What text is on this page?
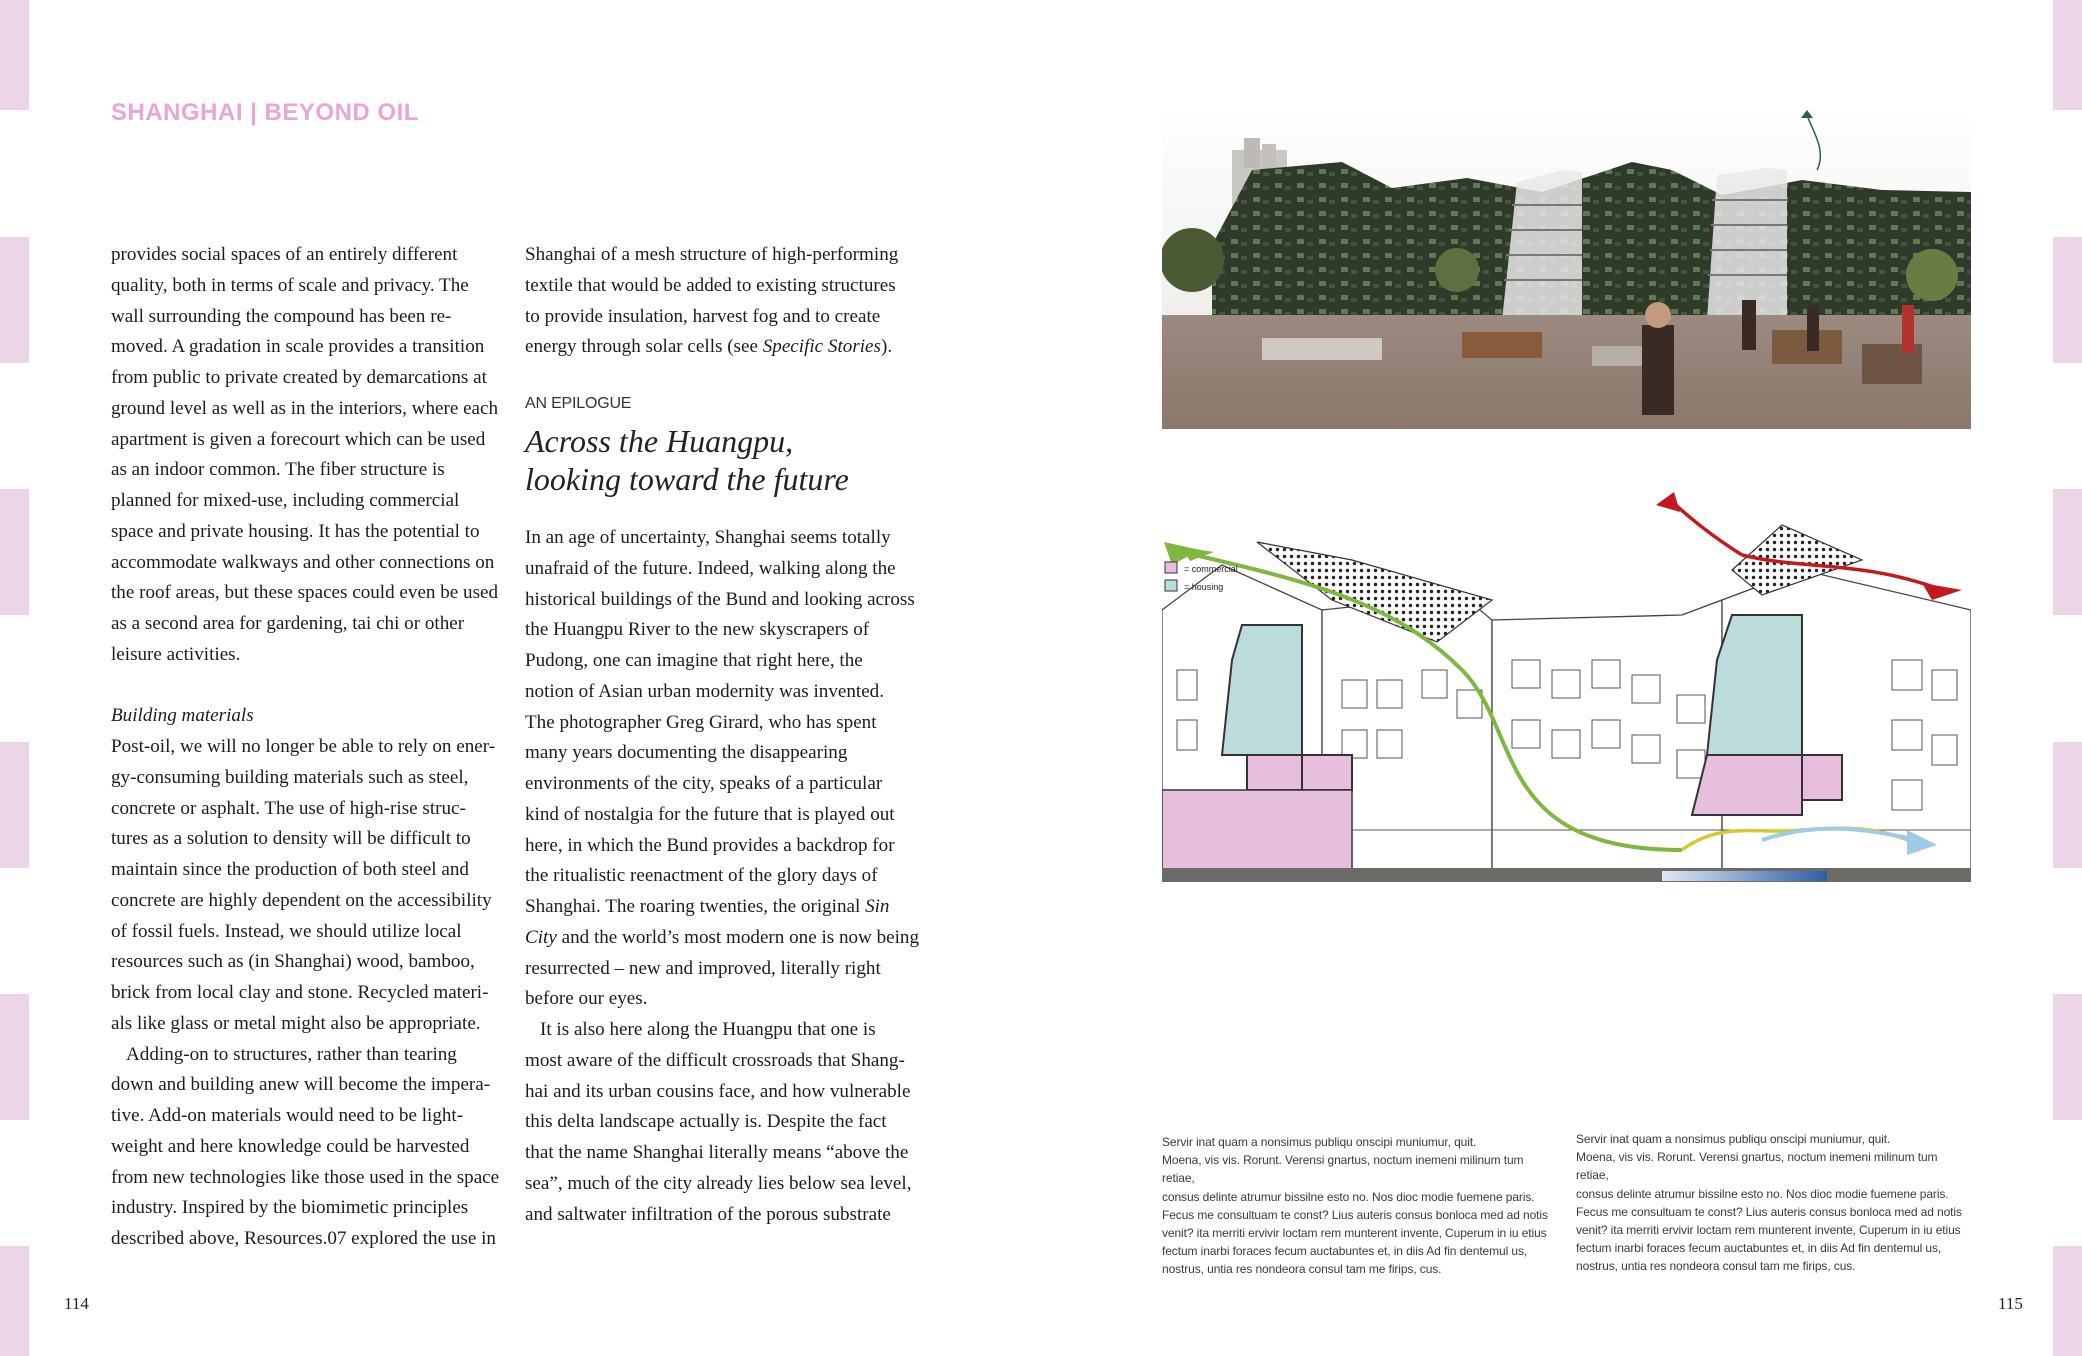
SHANGHAI | BEYOND OIL

provides social spaces of an entirely different

quality, both in terms of scale and privacy. The

wall surrounding the compound has been re-

moved. A gradation in scale provides a transition

from public to private created by demarcations at

ground level as well as in the interiors, where each

apartment is given a forecourt which can be used

as an indoor common. The fiber structure is

planned for mixed-use, including commercial

space and private housing. It has the potential to

accommodate walkways and other connections on

the roof areas, but these spaces could even be used

as a second area for gardening, tai chi or other

leisure activities.

Building materials

Post-oil, we will no longer be able to rely on ener-

gy-consuming building materials such as steel,

concrete or asphalt. The use of high-rise struc-

tures as a solution to density will be difficult to

maintain since the production of both steel and

concrete are highly dependent on the accessibility

of fossil fuels. Instead, we should utilize local

resources such as (in Shanghai) wood, bamboo,

brick from local clay and stone. Recycled materi-

als like glass or metal might also be appropriate.

Adding-on to structures, rather than tearing

down and building anew will become the impera-

tive. Add-on materials would need to be light-

weight and here knowledge could be harvested

from new technologies like those used in the space

industry. Inspired by the biomimetic principles

described above, Resources.07 explored the use in

Shanghai of a mesh structure of high-performing

textile that would be added to existing structures

to provide insulation, harvest fog and to create

energy through solar cells (see Specific Stories).

AN EPILOGUE

Across the Huangpu,
looking toward the future

In an age of uncertainty, Shanghai seems totally

unafraid of the future. Indeed, walking along the

historical buildings of the Bund and looking across

the Huangpu River to the new skyscrapers of

Pudong, one can imagine that right here, the

notion of Asian urban modernity was invented.

The photographer Greg Girard, who has spent

many years documenting the disappearing

environments of the city, speaks of a particular

kind of nostalgia for the future that is played out

here, in which the Bund provides a backdrop for

the ritualistic reenactment of the glory days of

Shanghai. The roaring twenties, the original Sin

City and the world’s most modern one is now being

resurrected – new and improved, literally right

before our eyes.

It is also here along the Huangpu that one is

most aware of the difficult crossroads that Shang-

hai and its urban cousins face, and how vulnerable

this delta landscape actually is. Despite the fact

that the name Shanghai literally means “above the

sea”, much of the city already lies below sea level,

and saltwater infiltration of the porous substrate

114	115
= commercial
= housing

Servir inat quam a nonsimus publiqu onscipi muniumur, quit.

Moena, vis vis. Rorunt. Verensi gnartus, noctum inemeni milinum tum retiae,

consus delinte atrumur bissilne esto no. Nos dioc modie fuemene paris.

Fecus me consultuam te const? Lius auteris consus bonloca med ad notis

venit? ita merriti ervivir loctam rem munterent invente, Cuperum in iu etius

fectum inarbi foraces fecum auctabuntes et, in diis Ad fin dentemul us,

nostrus, untia res nondeora consul tam me firips, cus.

Servir inat quam a nonsimus publiqu onscipi muniumur, quit.

Moena, vis vis. Rorunt. Verensi gnartus, noctum inemeni milinum tum retiae,

consus delinte atrumur bissilne esto no. Nos dioc modie fuemene paris.

Fecus me consultuam te const? Lius auteris consus bonloca med ad notis

venit? ita merriti ervivir loctam rem munterent invente, Cuperum in iu etius

fectum inarbi foraces fecum auctabuntes et, in diis Ad fin dentemul us,

nostrus, untia res nondeora consul tam me firips, cus.
